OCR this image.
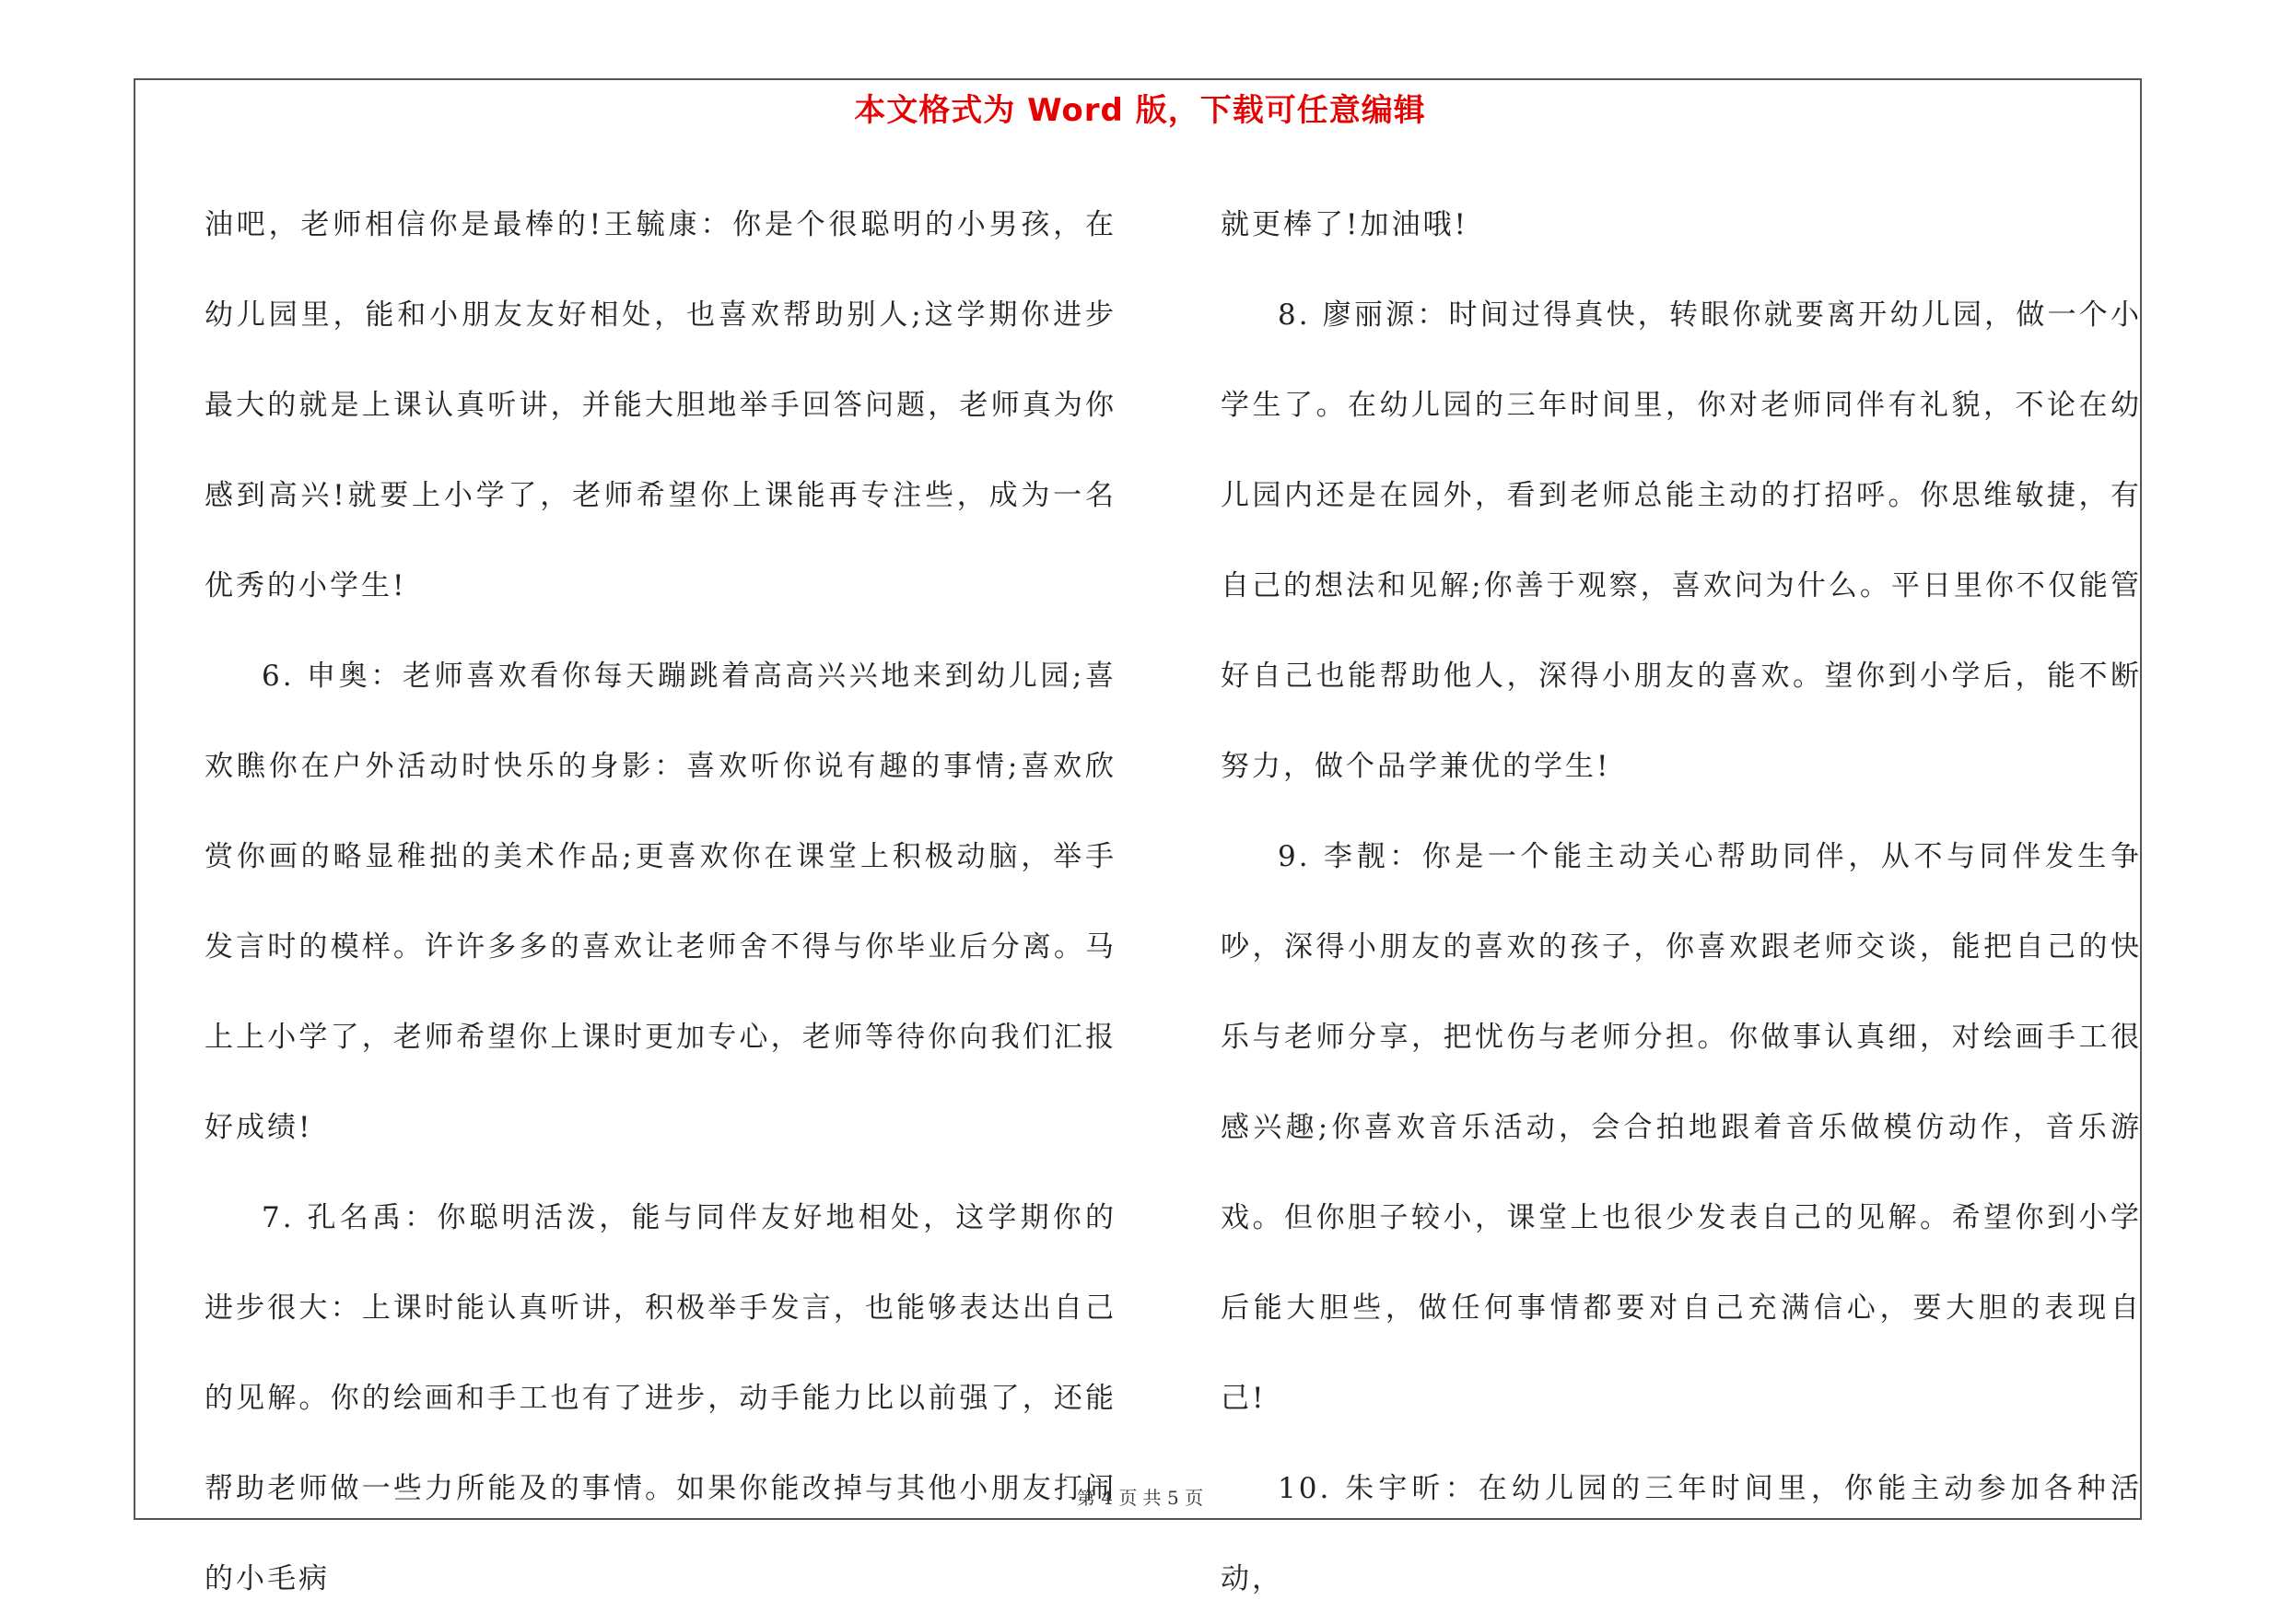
本文格式为 Word 版，下载可任意编辑

油吧，老师相信你是最棒的!王毓康：你是个很聪明的小男孩，在幼儿园里，能和小朋友友好相处，也喜欢帮助别人;这学期你进步最大的就是上课认真听讲，并能大胆地举手回答问题，老师真为你感到高兴!就要上小学了，老师希望你上课能再专注些，成为一名优秀的小学生!

6. 申奥：老师喜欢看你每天蹦跳着高高兴兴地来到幼儿园;喜欢瞧你在户外活动时快乐的身影：喜欢听你说有趣的事情;喜欢欣赏你画的略显稚拙的美术作品;更喜欢你在课堂上积极动脑，举手发言时的模样。许许多多的喜欢让老师舍不得与你毕业后分离。马上上小学了，老师希望你上课时更加专心，老师等待你向我们汇报好成绩!

7. 孔名禹：你聪明活泼，能与同伴友好地相处，这学期你的进步很大：上课时能认真听讲，积极举手发言，也能够表达出自己的见解。你的绘画和手工也有了进步，动手能力比以前强了，还能帮助老师做一些力所能及的事情。如果你能改掉与其他小朋友打闹的小毛病

就更棒了!加油哦!

8. 廖丽源：时间过得真快，转眼你就要离开幼儿园，做一个小学生了。在幼儿园的三年时间里，你对老师同伴有礼貌，不论在幼儿园内还是在园外，看到老师总能主动的打招呼。你思维敏捷，有自己的想法和见解;你善于观察，喜欢问为什么。平日里你不仅能管好自己也能帮助他人，深得小朋友的喜欢。望你到小学后，能不断努力，做个品学兼优的学生!

9. 李靓：你是一个能主动关心帮助同伴，从不与同伴发生争吵，深得小朋友的喜欢的孩子，你喜欢跟老师交谈，能把自己的快乐与老师分享，把忧伤与老师分担。你做事认真细，对绘画手工很感兴趣;你喜欢音乐活动，会合拍地跟着音乐做模仿动作，音乐游戏。但你胆子较小，课堂上也很少发表自己的见解。希望你到小学后能大胆些，做任何事情都要对自己充满信心，要大胆的表现自己!

10. 朱宇昕：在幼儿园的三年时间里，你能主动参加各种活动，

第 4 页 共 5 页
